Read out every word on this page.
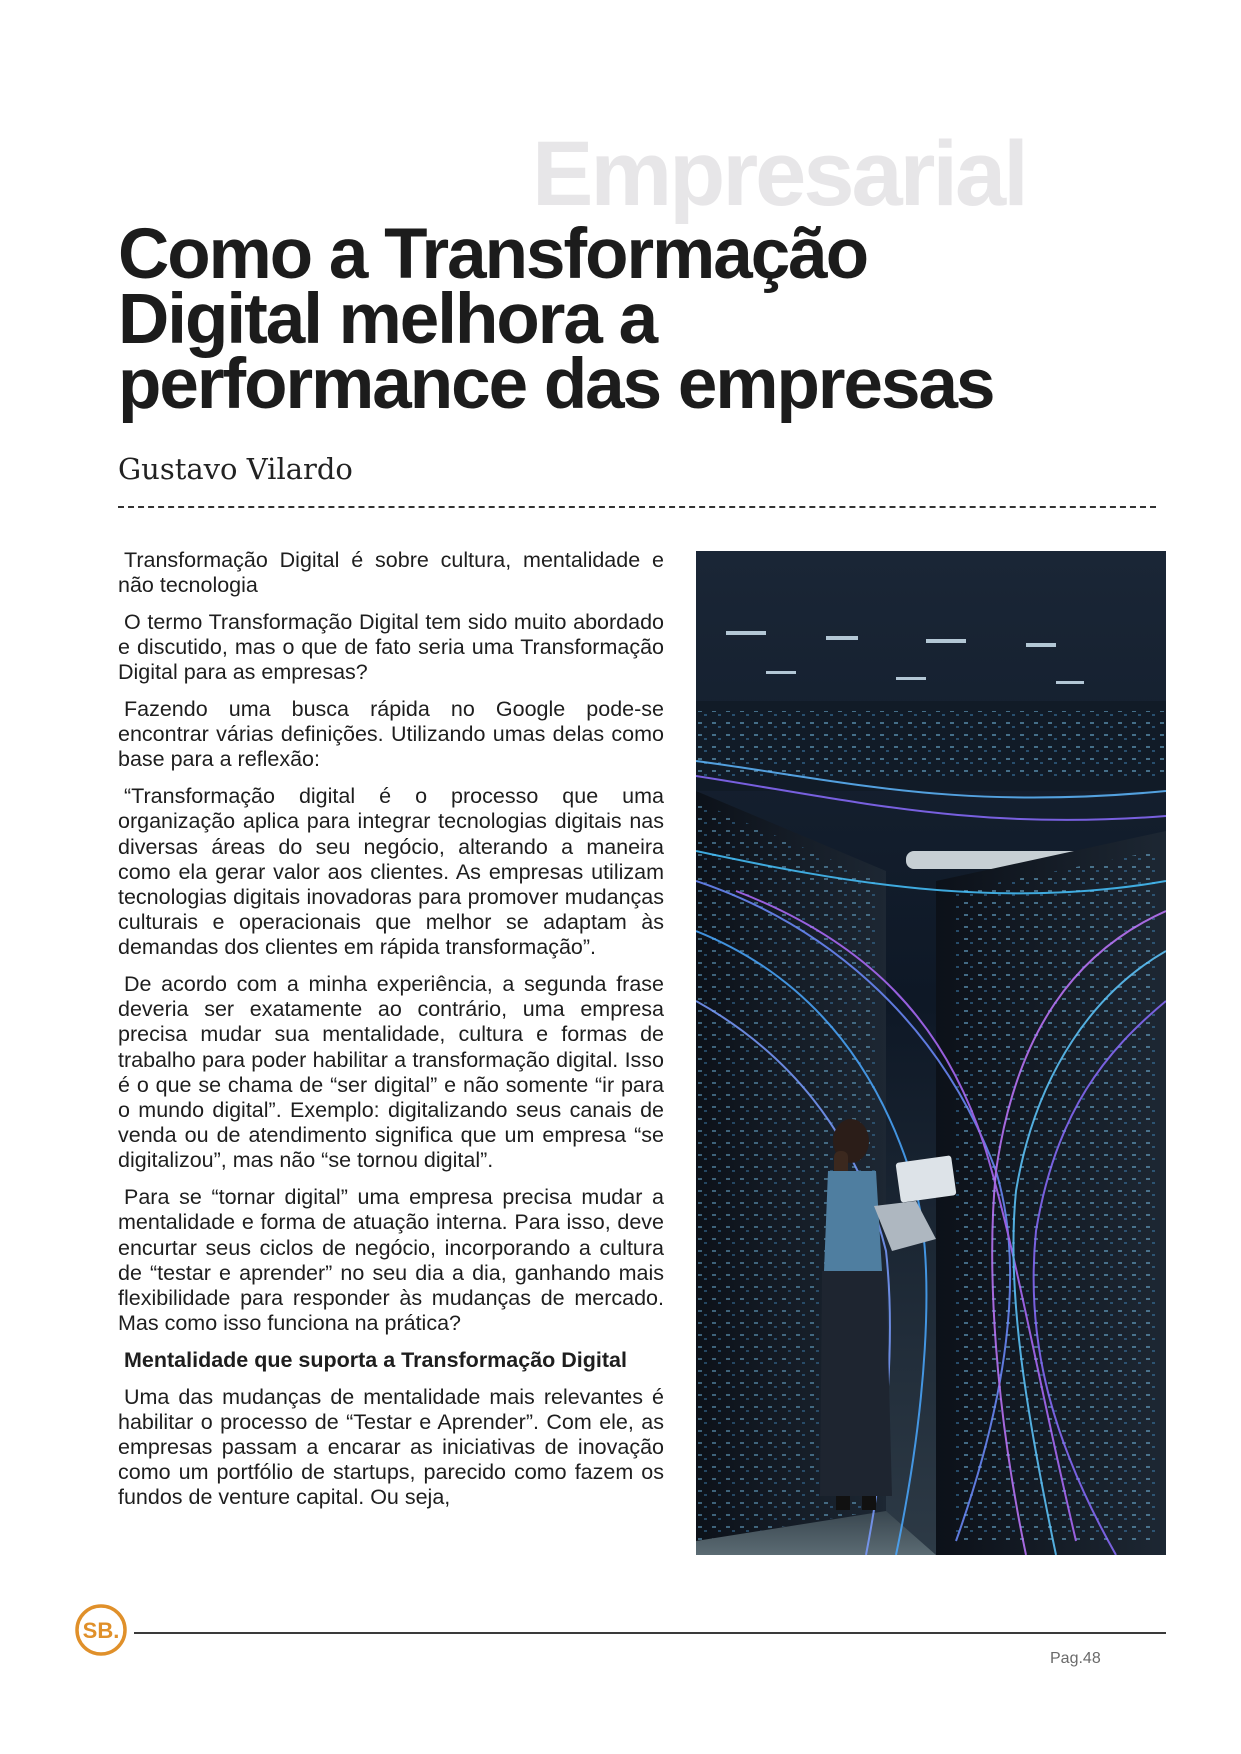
Empresarial
Como a Transformação
Digital melhora a
performance das empresas
Gustavo Vilardo

Transformação Digital é sobre cultura, mentalidade e não tecnologia

O termo Transformação Digital tem sido muito abordado e discutido, mas o que de fato seria uma Transformação Digital para as empresas?

Fazendo uma busca rápida no Google pode-se encontrar várias definições. Utilizando umas delas como base para a reflexão:

“Transformação digital é o processo que uma organização aplica para integrar tecnologias digitais nas diversas áreas do seu negócio, alterando a maneira como ela gerar valor aos clientes. As empresas utilizam tecnologias digitais inovadoras para promover mudanças culturais e operacionais que melhor se adaptam às demandas dos clientes em rápida transformação”.

De acordo com a minha experiência, a segunda frase deveria ser exatamente ao contrário, uma empresa precisa mudar sua mentalidade, cultura e formas de trabalho para poder habilitar a transformação digital. Isso é o que se chama de “ser digital” e não somente “ir para o mundo digital”. Exemplo: digitalizando seus canais de venda ou de atendimento significa que um empresa “se digitalizou”, mas não “se tornou digital”.

Para se “tornar digital” uma empresa precisa mudar a mentalidade e forma de atuação interna. Para isso, deve encurtar seus ciclos de negócio, incorporando a cultura de “testar e aprender” no seu dia a dia, ganhando mais flexibilidade para responder às mudanças de mercado. Mas como isso funciona na prática?

Mentalidade que suporta a Transformação Digital

Uma das mudanças de mentalidade mais relevantes é habilitar o processo de “Testar e Aprender”. Com ele, as empresas passam a encarar as iniciativas de inovação como um portfólio de startups, parecido como fazem os fundos de venture capital. Ou seja,

SB.
Pag.48
